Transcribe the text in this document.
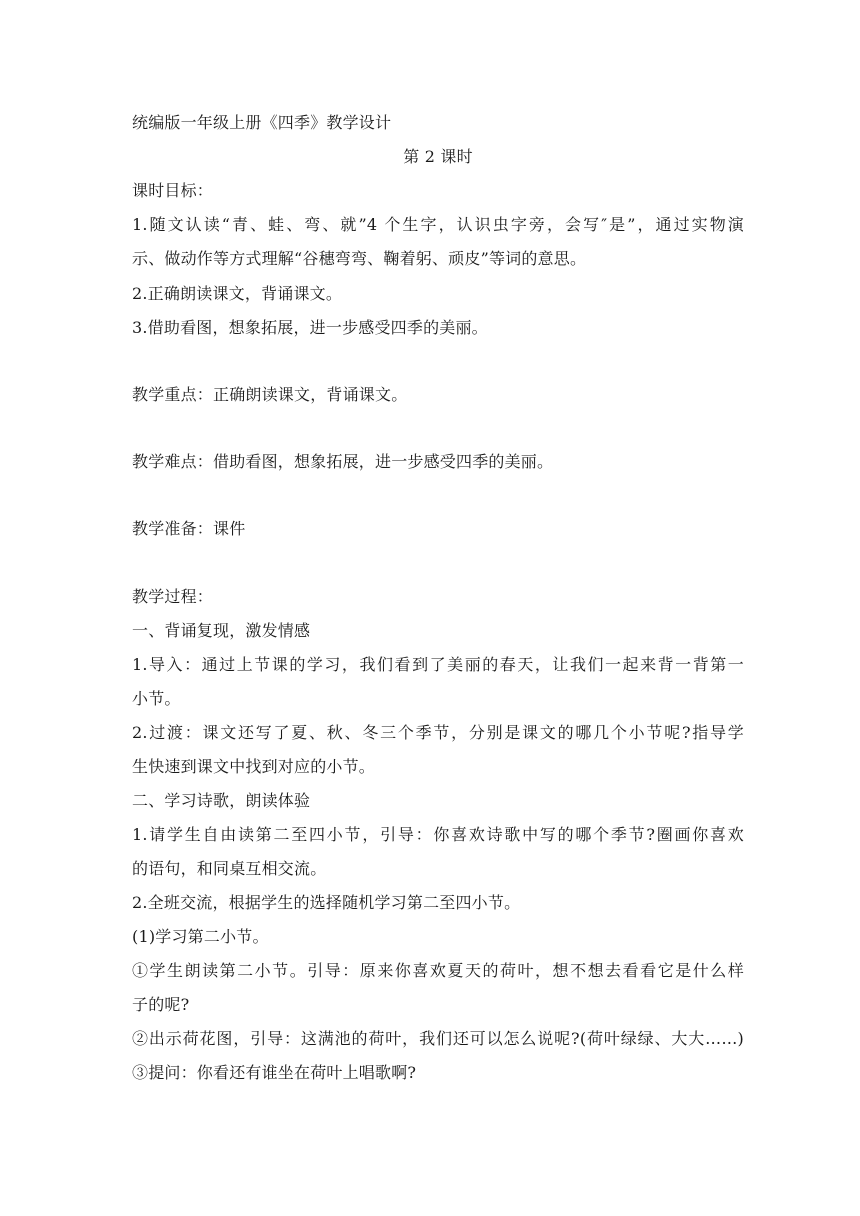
统编版一年级上册《四季》教学设计
第 2 课时
课时目标：
1.随文认读“青、蛙、弯、就”4 个生字，认识虫字旁，会写″是”，通过实物演
示、做动作等方式理解“谷穗弯弯、鞠着躬、顽皮”等词的意思。
2.正确朗读课文，背诵课文。
3.借助看图，想象拓展，进一步感受四季的美丽。
教学重点：正确朗读课文，背诵课文。
教学难点：借助看图，想象拓展，进一步感受四季的美丽。
教学准备：课件
教学过程：
一、背诵复现，激发情感
1.导入：通过上节课的学习，我们看到了美丽的春天，让我们一起来背一背第一
小节。
2.过渡：课文还写了夏、秋、冬三个季节，分别是课文的哪几个小节呢?指导学
生快速到课文中找到对应的小节。
二、学习诗歌，朗读体验
1.请学生自由读第二至四小节，引导：你喜欢诗歌中写的哪个季节?圈画你喜欢
的语句，和同桌互相交流。
2.全班交流，根据学生的选择随机学习第二至四小节。
(1)学习第二小节。
①学生朗读第二小节。引导：原来你喜欢夏天的荷叶，想不想去看看它是什么样
子的呢?
②出示荷花图，引导：这满池的荷叶，我们还可以怎么说呢?(荷叶绿绿、大大……)
③提问：你看还有谁坐在荷叶上唱歌啊?
